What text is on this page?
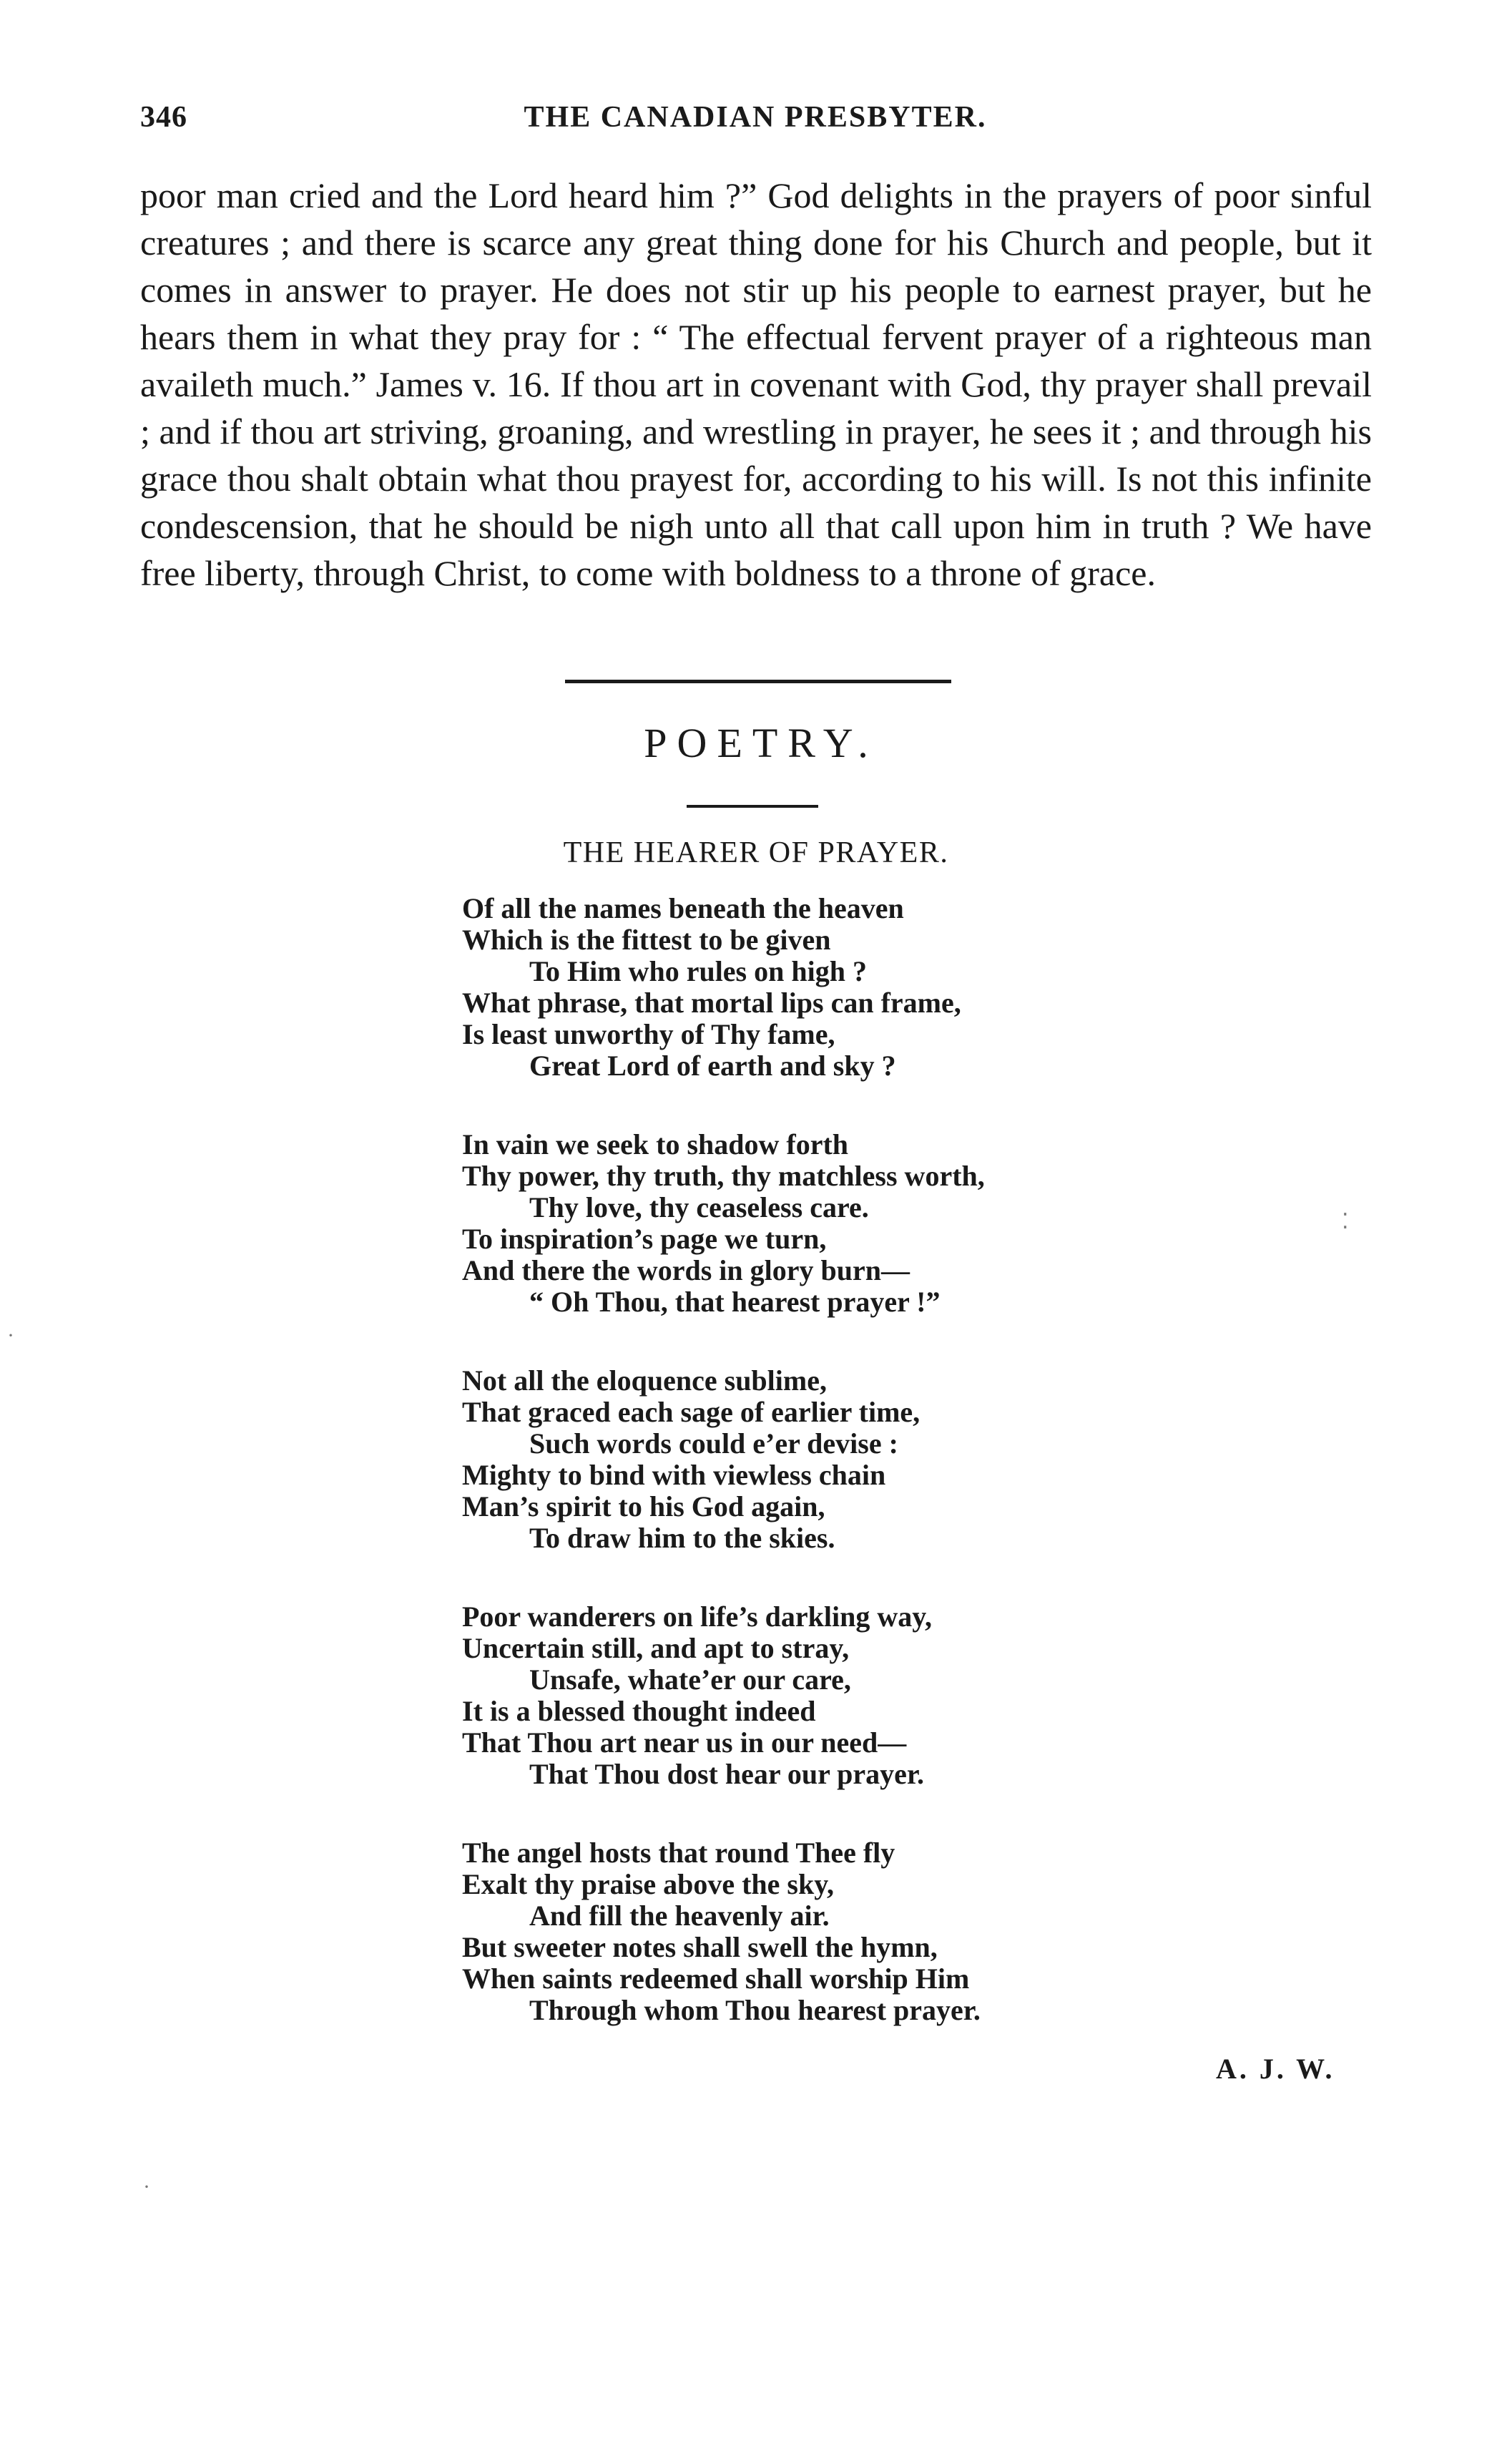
346	THE CANADIAN PRESBYTER.

poor man cried and the Lord heard him ?” God delights in the prayers of poor sinful creatures ; and there is scarce any great thing done for his Church and people, but it comes in answer to prayer. He does not stir up his people to earnest prayer, but he hears them in what they pray for : “ The effectual fervent prayer of a righteous man availeth much.” James v. 16. If thou art in covenant with God, thy prayer shall prevail ; and if thou art striving, groaning, and wrestling in prayer, he sees it ; and through his grace thou shalt obtain what thou prayest for, according to his will. Is not this infinite condescension, that he should be nigh unto all that call upon him in truth ? We have free liberty, through Christ, to come with boldness to a throne of grace.

POETRY.
THE HEARER OF PRAYER.
Of all the names beneath the heaven
Which is the fittest to be given
To Him who rules on high ?
What phrase, that mortal lips can frame,
Is least unworthy of Thy fame,
Great Lord of earth and sky ?
In vain we seek to shadow forth
Thy power, thy truth, thy matchless worth,
Thy love, thy ceaseless care.
To inspiration’s page we turn,
And there the words in glory burn—
“ Oh Thou, that hearest prayer !”
Not all the eloquence sublime,
That graced each sage of earlier time,
Such words could e’er devise :
Mighty to bind with viewless chain
Man’s spirit to his God again,
To draw him to the skies.
Poor wanderers on life’s darkling way,
Uncertain still, and apt to stray,
Unsafe, whate’er our care,
It is a blessed thought indeed
That Thou art near us in our need—
That Thou dost hear our prayer.
The angel hosts that round Thee fly
Exalt thy praise above the sky,
And fill the heavenly air.
But sweeter notes shall swell the hymn,
When saints redeemed shall worship Him
Through whom Thou hearest prayer.
A. J. W.
⁚
·
·
